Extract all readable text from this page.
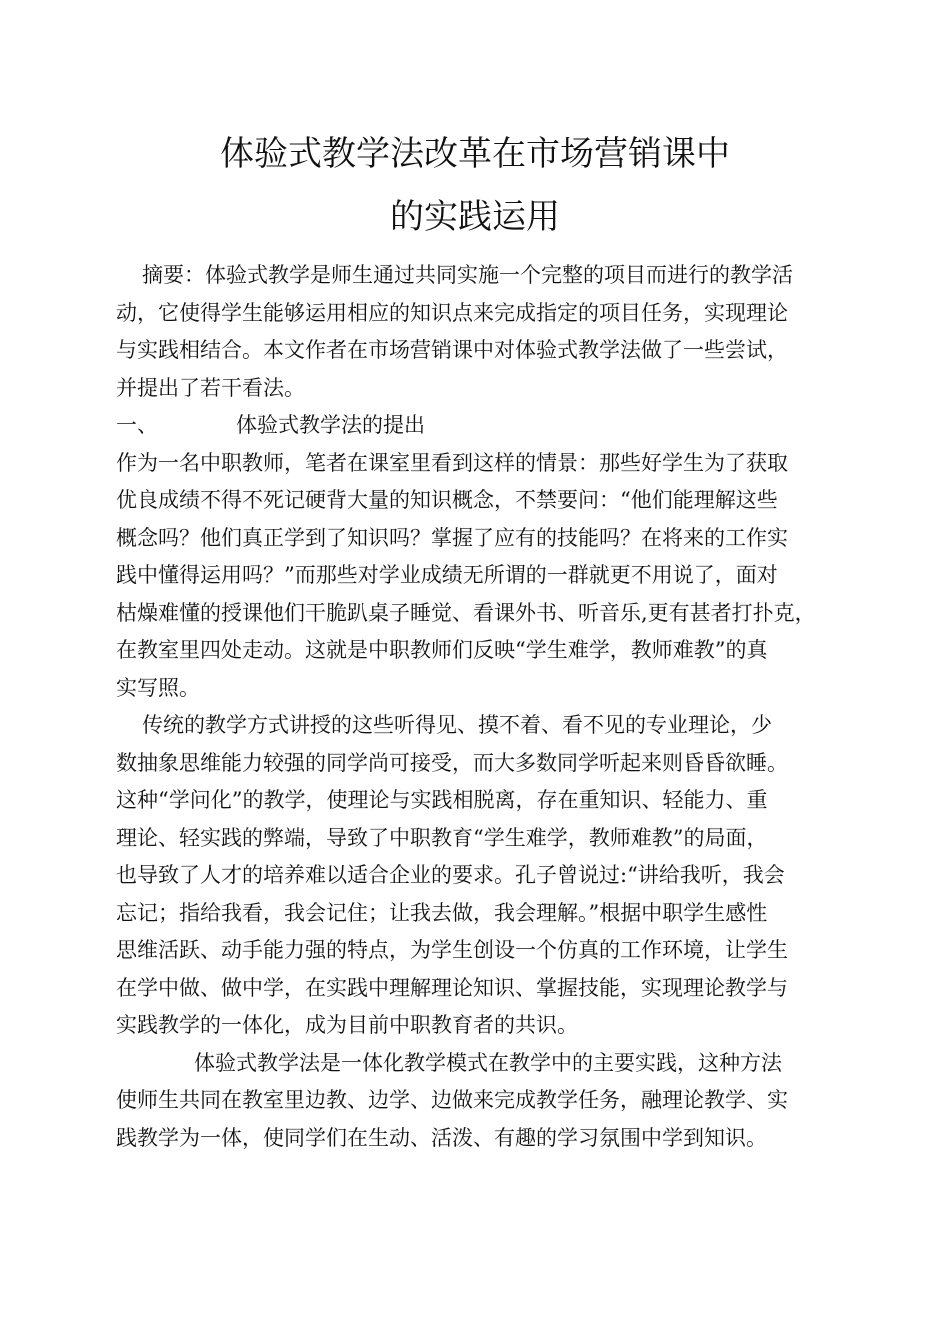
体验式教学法改革在市场营销课中
的实践运用
摘要：体验式教学是师生通过共同实施一个完整的项目而进行的教学活
动，它使得学生能够运用相应的知识点来完成指定的项目任务，实现理论
与实践相结合。本文作者在市场营销课中对体验式教学法做了一些尝试，
并提出了若干看法。
一、	体验式教学法的提出
作为一名中职教师，笔者在课室里看到这样的情景：那些好学生为了获取
优良成绩不得不死记硬背大量的知识概念，不禁要问：“他们能理解这些
概念吗？他们真正学到了知识吗？掌握了应有的技能吗？在将来的工作实
践中懂得运用吗？”而那些对学业成绩无所谓的一群就更不用说了，面对
枯燥难懂的授课他们干脆趴桌子睡觉、看课外书、听音乐,更有甚者打扑克，
在教室里四处走动。这就是中职教师们反映“学生难学，教师难教”的真
实写照。
传统的教学方式讲授的这些听得见、摸不着、看不见的专业理论，少
数抽象思维能力较强的同学尚可接受，而大多数同学听起来则昏昏欲睡。
这种“学问化”的教学，使理论与实践相脱离，存在重知识、轻能力、重
理论、轻实践的弊端，导致了中职教育“学生难学，教师难教”的局面，
也导致了人才的培养难以适合企业的要求。孔子曾说过:“讲给我听，我会
忘记；指给我看，我会记住；让我去做，我会理解。”根据中职学生感性
思维活跃、动手能力强的特点，为学生创设一个仿真的工作环境，让学生
在学中做、做中学，在实践中理解理论知识、掌握技能，实现理论教学与
实践教学的一体化，成为目前中职教育者的共识。
体验式教学法是一体化教学模式在教学中的主要实践，这种方法
使师生共同在教室里边教、边学、边做来完成教学任务，融理论教学、实
践教学为一体，使同学们在生动、活泼、有趣的学习氛围中学到知识。
